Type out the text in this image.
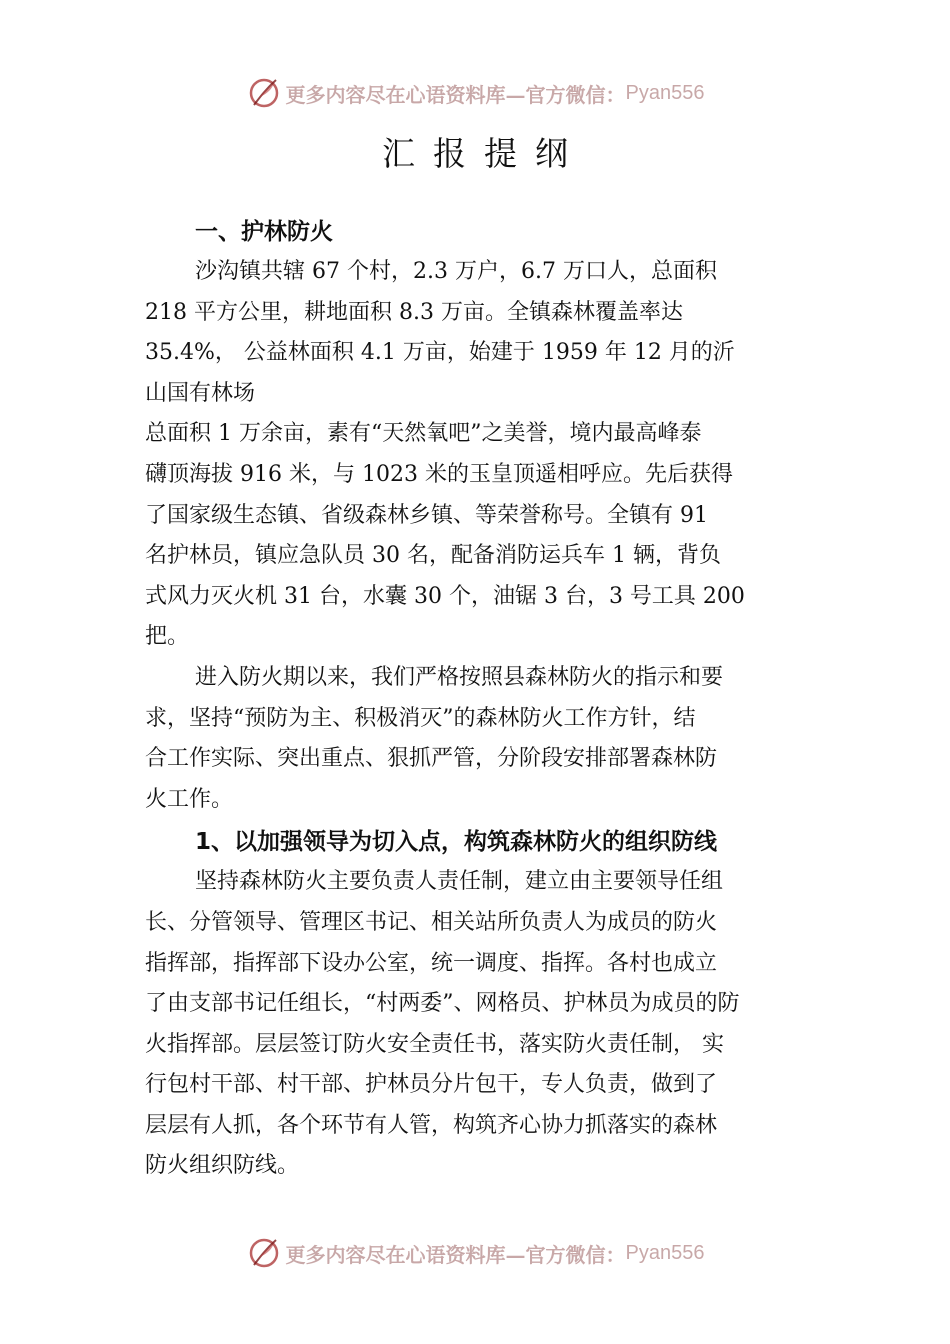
更多内容尽在心语资料库—官方微信： Pyan556
汇报提纲
一、护林防火
沙沟镇共辖 67 个村，2.3 万户，6.7 万口人，总面积
218 平方公里，耕地面积 8.3 万亩。全镇森林覆盖率达
35.4%， 公益林面积 4.1 万亩，始建于 1959 年 12 月的沂
山国有林场
总面积 1 万余亩，素有“天然氧吧”之美誉，境内最高峰泰
礴顶海拔 916 米，与 1023 米的玉皇顶遥相呼应。先后获得
了国家级生态镇、省级森林乡镇、等荣誉称号。全镇有 91
名护林员，镇应急队员 30 名，配备消防运兵车 1 辆，背负
式风力灭火机 31 台，水囊 30 个，油锯 3 台，3 号工具 200
把。
进入防火期以来，我们严格按照县森林防火的指示和要
求，坚持“预防为主、积极消灭”的森林防火工作方针，结
合工作实际、突出重点、狠抓严管，分阶段安排部署森林防
火工作。
1、以加强领导为切入点，构筑森林防火的组织防线
坚持森林防火主要负责人责任制，建立由主要领导任组
长、分管领导、管理区书记、相关站所负责人为成员的防火
指挥部，指挥部下设办公室，统一调度、指挥。各村也成立
了由支部书记任组长，“村两委”、网格员、护林员为成员的防
火指挥部。层层签订防火安全责任书，落实防火责任制， 实
行包村干部、村干部、护林员分片包干，专人负责，做到了
层层有人抓，各个环节有人管，构筑齐心协力抓落实的森林
防火组织防线。
更多内容尽在心语资料库—官方微信： Pyan556
